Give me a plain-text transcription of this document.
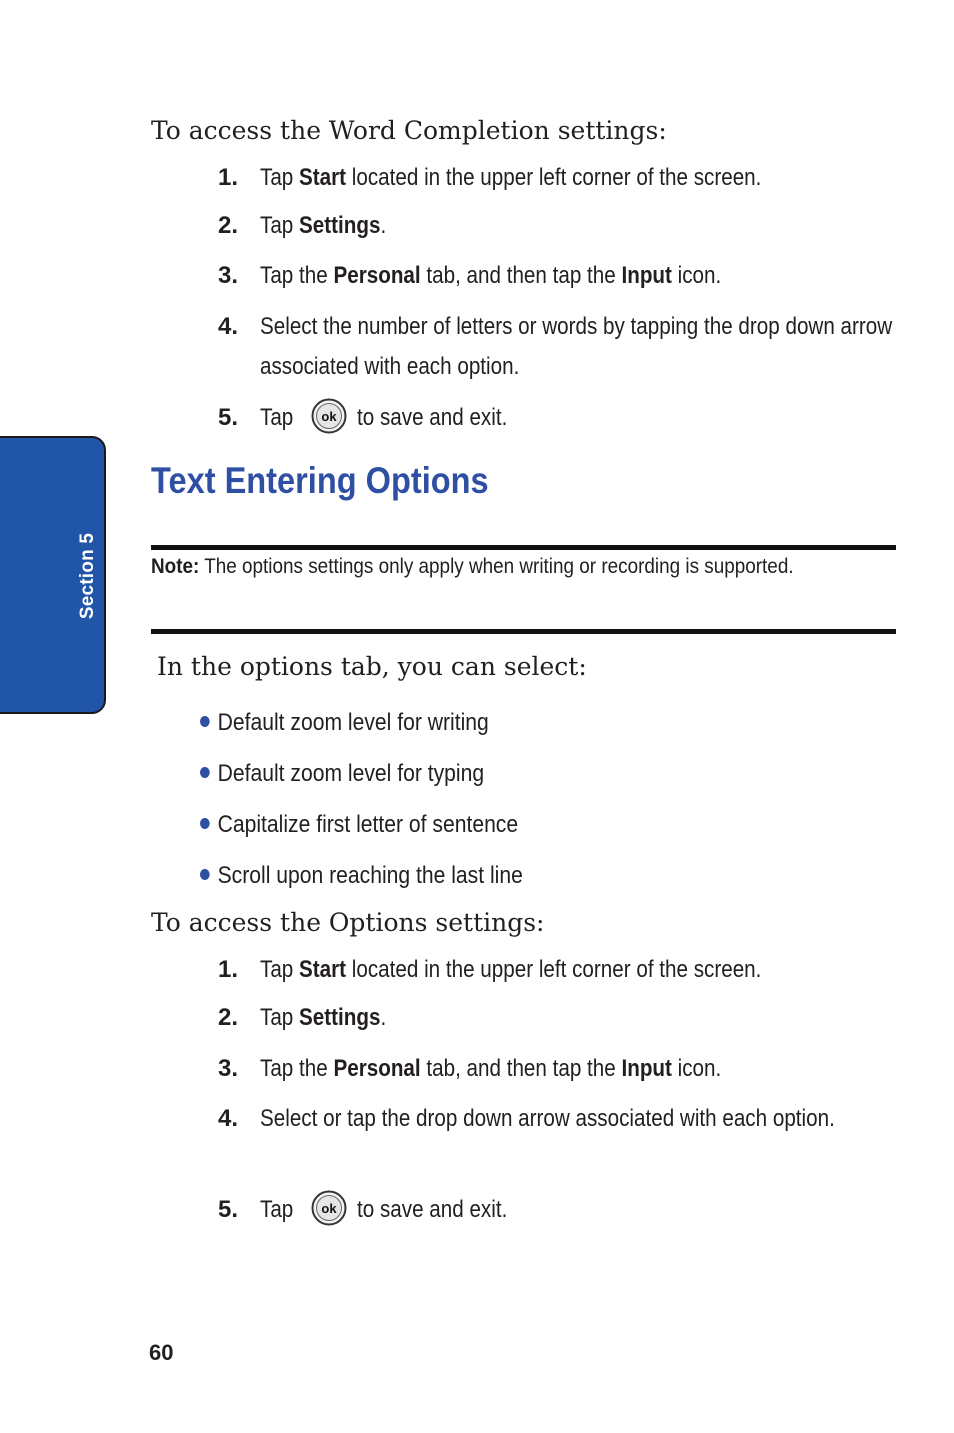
Section 5
To access the Word Completion settings:
1. Tap Start located in the upper left corner of the screen.
2. Tap Settings.
3. Tap the Personal tab, and then tap the Input icon.
4. Select the number of letters or words by tapping the drop down arrow associated with each option.
5. Tap ok to save and exit.
Text Entering Options
Note: The options settings only apply when writing or recording is supported.
In the options tab, you can select:
Default zoom level for writing
Default zoom level for typing
Capitalize first letter of sentence
Scroll upon reaching the last line
To access the Options settings:
1. Tap Start located in the upper left corner of the screen.
2. Tap Settings.
3. Tap the Personal tab, and then tap the Input icon.
4. Select or tap the drop down arrow associated with each option.
5. Tap ok to save and exit.
60
